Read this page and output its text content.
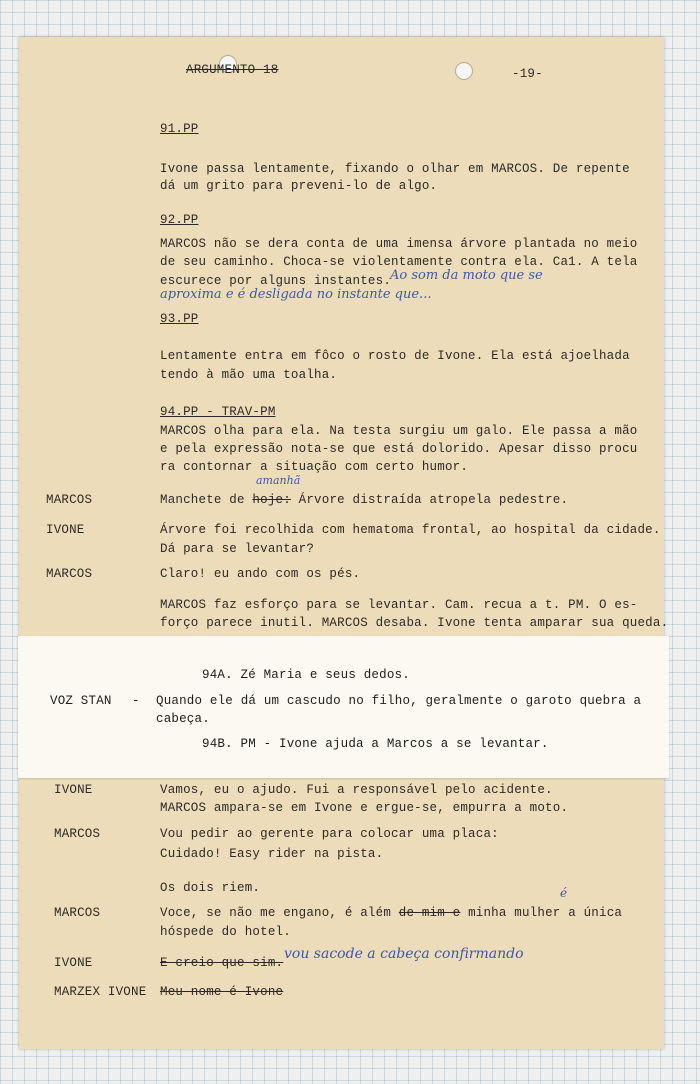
ARGUMENTO 18	-19-
91.PP
Ivone passa lentamente, fixando o olhar em MARCOS. De repente
dá um grito para preveni-lo de algo.
92.PP
MARCOS não se dera conta de uma imensa árvore plantada no meio
de seu caminho. Choca-se violentamente contra ela. Ca1. A tela
escurece por alguns instantes.
Ao som da moto que se
aproxima e é desligada no instante que...
93.PP
Lentamente entra em fôco o rosto de Ivone. Ela está ajoelhada
tendo à mão uma toalha.
94.PP - TRAV-PM
MARCOS olha para ela. Na testa surgiu um galo. Ele passa a mão
e pela expressão nota-se que está dolorido. Apesar disso procu
ra contornar a situação com certo humor.
amanhã
MARCOS	Manchete de hoje: Árvore distraída atropela pedestre.
IVONE	Árvore foi recolhida com hematoma frontal, ao hospital da cidade.
Dá para se levantar?
MARCOS	Claro! eu ando com os pés.
MARCOS faz esforço para se levantar. Cam. recua a t. PM. O es-
forço parece inutil. MARCOS desaba. Ivone tenta amparar sua queda.
94A. Zé Maria e seus dedos.
VOZ STAN - Quando ele dá um cascudo no filho, geralmente o garoto quebra a
cabeça.
94B. PM - Ivone ajuda a Marcos a se levantar.
IVONE	Vamos, eu o ajudo. Fui a responsável pelo acidente.
MARCOS ampara-se em Ivone e ergue-se, empurra a moto.
MARCOS	Vou pedir ao gerente para colocar uma placa:
Cuidado! Easy rider na pista.
Os dois riem.	é
MARCOS	Voce, se não me engano, é além de mim e minha mulher a única
hóspede do hotel.
IVONE	E creio que sim.
vou sacode a cabeça confirmando
MARZEX IVONE Meu nome é Ivone
